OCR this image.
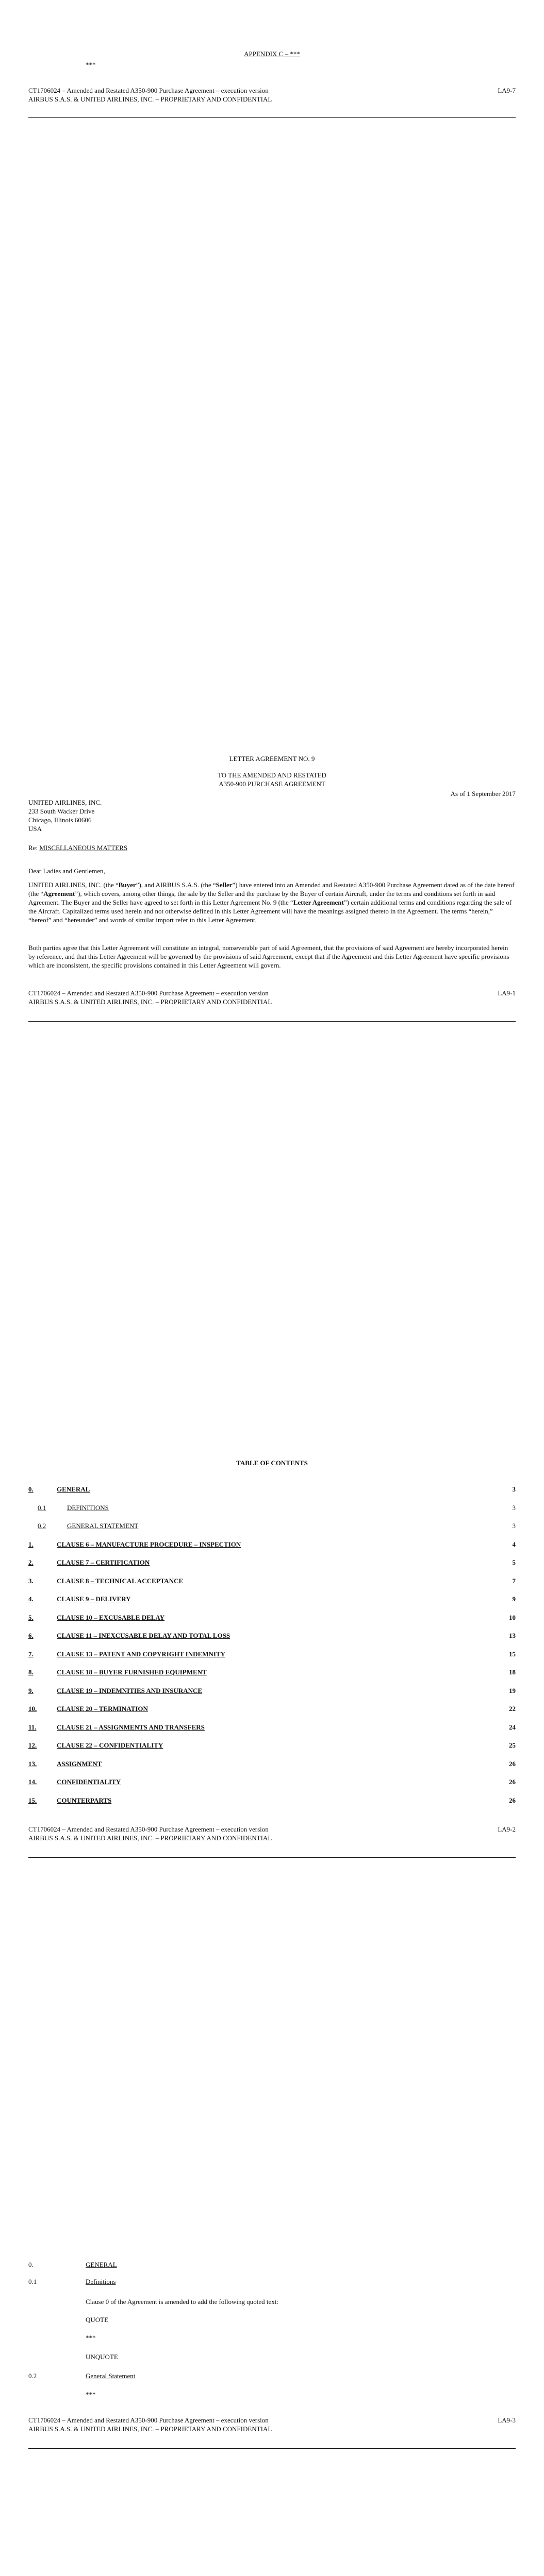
APPENDIX C – ***
***
CT1706024 – Amended and Restated A350-900 Purchase Agreement – execution version	LA9-7
AIRBUS S.A.S. & UNITED AIRLINES, INC. – PROPRIETARY AND CONFIDENTIAL
LETTER AGREEMENT NO. 9
TO THE AMENDED AND RESTATED
A350-900 PURCHASE AGREEMENT
As of 1 September 2017
UNITED AIRLINES, INC.
233 South Wacker Drive
Chicago, Illinois 60606
USA
Re: MISCELLANEOUS MATTERS
Dear Ladies and Gentlemen,
UNITED AIRLINES, INC. (the “Buyer”), and AIRBUS S.A.S. (the “Seller”) have entered into an Amended and Restated A350-900 Purchase Agreement dated as of the date hereof (the “Agreement”), which covers, among other things, the sale by the Seller and the purchase by the Buyer of certain Aircraft, under the terms and conditions set forth in said Agreement. The Buyer and the Seller have agreed to set forth in this Letter Agreement No. 9 (the “Letter Agreement”) certain additional terms and conditions regarding the sale of the Aircraft. Capitalized terms used herein and not otherwise defined in this Letter Agreement will have the meanings assigned thereto in the Agreement. The terms “herein,” “hereof” and “hereunder” and words of similar import refer to this Letter Agreement.
Both parties agree that this Letter Agreement will constitute an integral, nonseverable part of said Agreement, that the provisions of said Agreement are hereby incorporated herein by reference, and that this Letter Agreement will be governed by the provisions of said Agreement, except that if the Agreement and this Letter Agreement have specific provisions which are inconsistent, the specific provisions contained in this Letter Agreement will govern.
CT1706024 – Amended and Restated A350-900 Purchase Agreement – execution version	LA9-1
AIRBUS S.A.S. & UNITED AIRLINES, INC. – PROPRIETARY AND CONFIDENTIAL
TABLE OF CONTENTS
0.	GENERAL	3
0.1	DEFINITIONS	3
0.2	GENERAL STATEMENT	3
1.	CLAUSE 6 – MANUFACTURE PROCEDURE – INSPECTION	4
2.	CLAUSE 7 – CERTIFICATION	5
3.	CLAUSE 8 – TECHNICAL ACCEPTANCE	7
4.	CLAUSE 9 – DELIVERY	9
5.	CLAUSE 10 – EXCUSABLE DELAY	10
6.	CLAUSE 11 – INEXCUSABLE DELAY AND TOTAL LOSS	13
7.	CLAUSE 13 – PATENT AND COPYRIGHT INDEMNITY	15
8.	CLAUSE 18 – BUYER FURNISHED EQUIPMENT	18
9.	CLAUSE 19 – INDEMNITIES AND INSURANCE	19
10.	CLAUSE 20 – TERMINATION	22
11.	CLAUSE 21 – ASSIGNMENTS AND TRANSFERS	24
12.	CLAUSE 22 – CONFIDENTIALITY	25
13.	ASSIGNMENT	26
14.	CONFIDENTIALITY	26
15.	COUNTERPARTS	26
CT1706024 – Amended and Restated A350-900 Purchase Agreement – execution version	LA9-2
AIRBUS S.A.S. & UNITED AIRLINES, INC. – PROPRIETARY AND CONFIDENTIAL
0.	GENERAL
0.1	Definitions
Clause 0 of the Agreement is amended to add the following quoted text:
QUOTE
***
UNQUOTE
0.2	General Statement
***
CT1706024 – Amended and Restated A350-900 Purchase Agreement – execution version	LA9-3
AIRBUS S.A.S. & UNITED AIRLINES, INC. – PROPRIETARY AND CONFIDENTIAL
